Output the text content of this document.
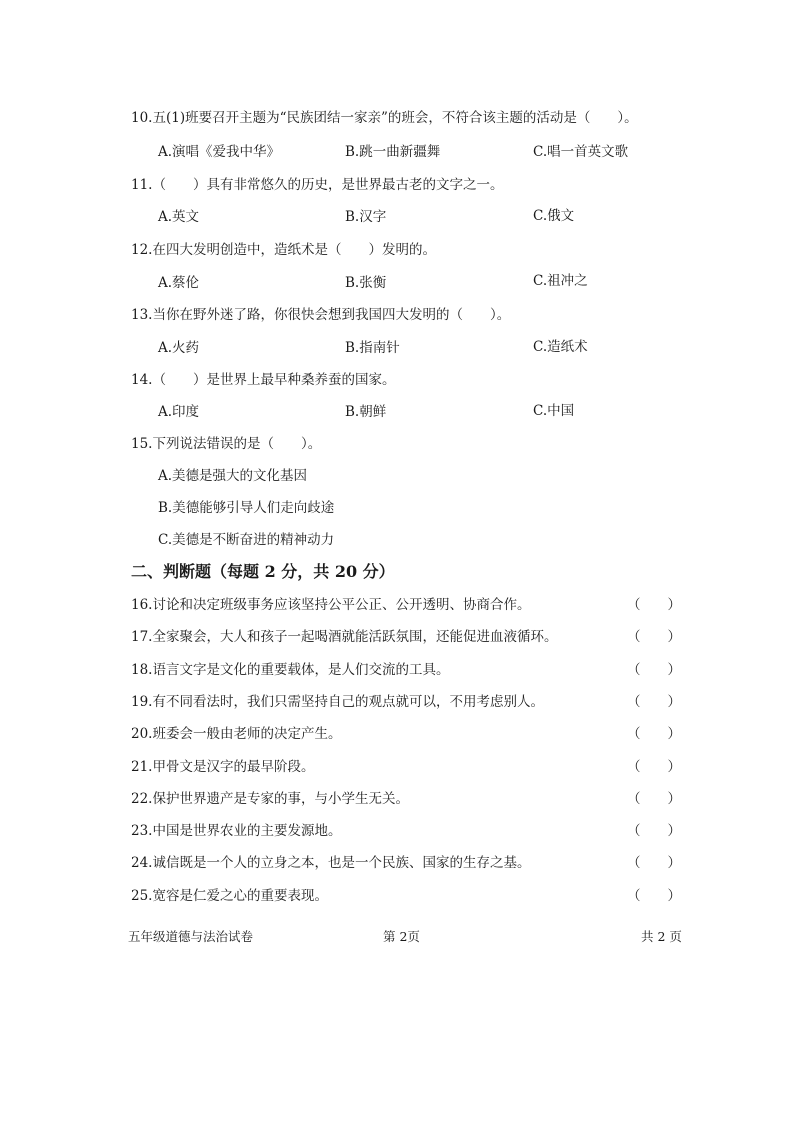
10.五(1)班要召开主题为“民族团结一家亲”的班会，不符合该主题的活动是（　　）。
A.演唱《爱我中华》	B.跳一曲新疆舞	C.唱一首英文歌
11.（　　）具有非常悠久的历史，是世界最古老的文字之一。
A.英文	B.汉字	C.俄文
12.在四大发明创造中，造纸术是（　　）发明的。
A.蔡伦	B.张衡	C.祖冲之
13.当你在野外迷了路，你很快会想到我国四大发明的（　　）。
A.火药	B.指南针	C.造纸术
14.（　　）是世界上最早种桑养蚕的国家。
A.印度	B.朝鲜	C.中国
15.下列说法错误的是（　　）。
A.美德是强大的文化基因
B.美德能够引导人们走向歧途
C.美德是不断奋进的精神动力
二、判断题（每题 2 分，共 20 分）
16.讨论和决定班级事务应该坚持公平公正、公开透明、协商合作。	（　　）
17.全家聚会，大人和孩子一起喝酒就能活跃氛围，还能促进血液循环。	（　　）
18.语言文字是文化的重要载体，是人们交流的工具。	（　　）
19.有不同看法时，我们只需坚持自己的观点就可以，不用考虑别人。	（　　）
20.班委会一般由老师的决定产生。	（　　）
21.甲骨文是汉字的最早阶段。	（　　）
22.保护世界遗产是专家的事，与小学生无关。	（　　）
23.中国是世界农业的主要发源地。	（　　）
24.诚信既是一个人的立身之本，也是一个民族、国家的生存之基。	（　　）
25.宽容是仁爱之心的重要表现。	（　　）
五年级道德与法治试卷	第 2页	共 2 页
